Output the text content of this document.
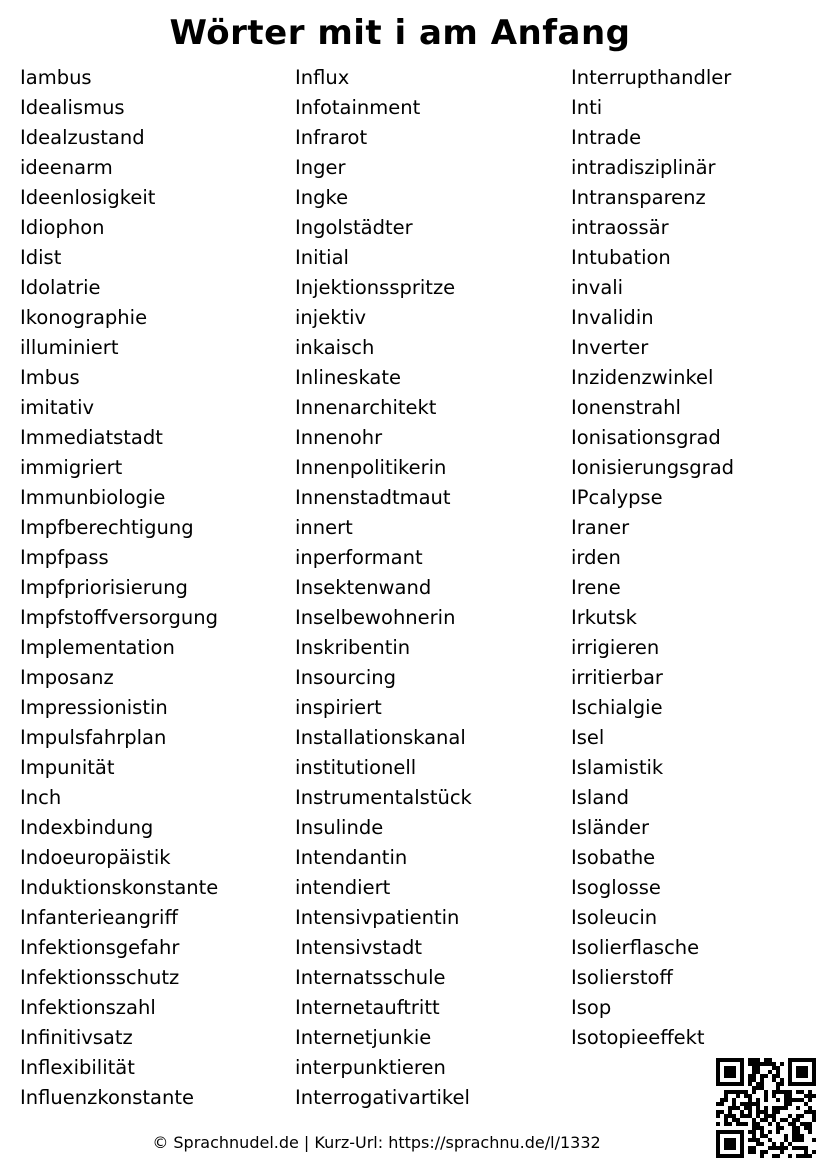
Wörter mit i am Anfang
Iambus
Idealismus
Idealzustand
ideenarm
Ideenlosigkeit
Idiophon
Idist
Idolatrie
Ikonographie
illuminiert
Imbus
imitativ
Immediatstadt
immigriert
Immunbiologie
Impfberechtigung
Impfpass
Impfpriorisierung
Impfstoffversorgung
Implementation
Imposanz
Impressionistin
Impulsfahrplan
Impunität
Inch
Indexbindung
Indoeuropäistik
Induktionskonstante
Infanterieangriff
Infektionsgefahr
Infektionsschutz
Infektionszahl
Infinitivsatz
Inflexibilität
Influenzkonstante
Influx
Infotainment
Infrarot
Inger
Ingke
Ingolstädter
Initial
Injektionsspritze
injektiv
inkaisch
Inlineskate
Innenarchitekt
Innenohr
Innenpolitikerin
Innenstadtmaut
innert
inperformant
Insektenwand
Inselbewohnerin
Inskribentin
Insourcing
inspiriert
Installationskanal
institutionell
Instrumentalstück
Insulinde
Intendantin
intendiert
Intensivpatientin
Intensivstadt
Internatsschule
Internetauftritt
Internetjunkie
interpunktieren
Interrogativartikel
Interrupthandler
Inti
Intrade
intradisziplinär
Intransparenz
intraossär
Intubation
invali
Invalidin
Inverter
Inzidenzwinkel
Ionenstrahl
Ionisationsgrad
Ionisierungsgrad
IPcalypse
Iraner
irden
Irene
Irkutsk
irrigieren
irritierbar
Ischialgie
Isel
Islamistik
Island
Isländer
Isobathe
Isoglosse
Isoleucin
Isolierflasche
Isolierstoff
Isop
Isotopieeffekt
© Sprachnudel.de | Kurz-Url: https://sprachnu.de/l/1332
